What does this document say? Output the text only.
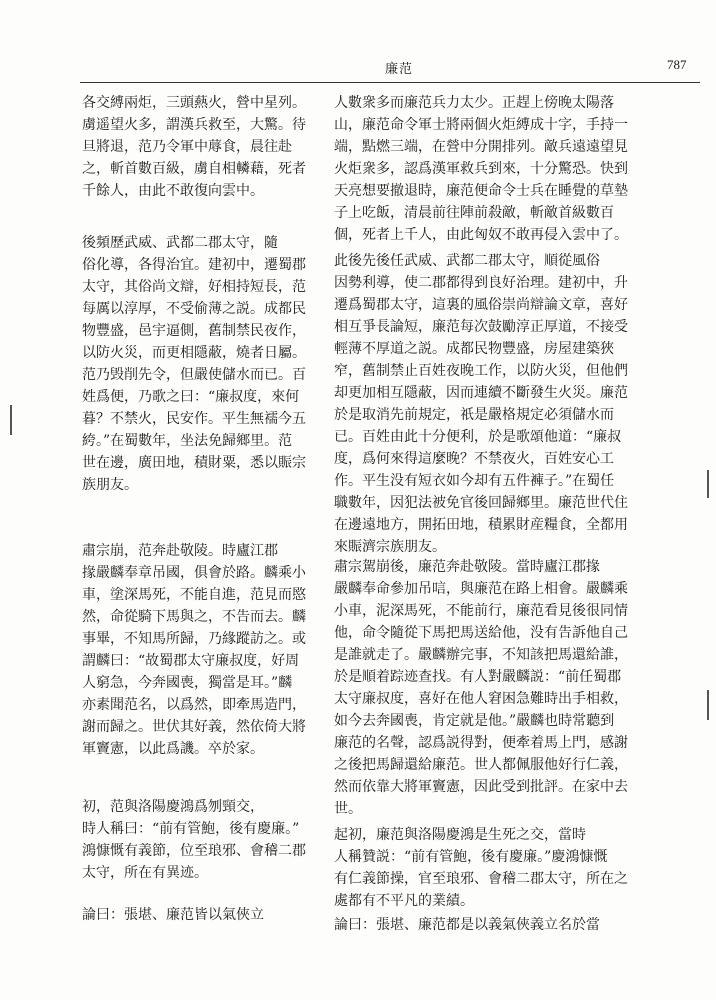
廉范	787
各交縛兩炬，三頭爇火，營中星列。
虜遥望火多，謂漢兵救至，大驚。待
旦將退，范乃令軍中蓐食，晨往赴
之，斬首數百級，虜自相轔藉，死者
千餘人，由此不敢復向雲中。
後頻歷武威、武都二郡太守，隨
俗化導，各得治宜。建初中，遷蜀郡
太守，其俗尚文辯，好相持短長，范
每厲以淳厚，不受偷薄之説。成都民
物豐盛，邑宇逼側，舊制禁民夜作，
以防火災，而更相隱蔽，燒者日屬。
范乃毁削先令，但嚴使儲水而已。百
姓爲便，乃歌之曰：“廉叔度，來何
暮？不禁火，民安作。平生無襦今五
絝。”在蜀數年，坐法免歸鄉里。范
世在邊，廣田地，積財粟，悉以賑宗
族朋友。
肅宗崩，范奔赴敬陵。時廬江郡
掾嚴麟奉章吊國，俱會於路。麟乘小
車，塗深馬死，不能自進，范見而愍
然，命從騎下馬與之，不告而去。麟
事畢，不知馬所歸，乃緣蹤訪之。或
謂麟曰：“故蜀郡太守廉叔度，好周
人窮急，今奔國喪，獨當是耳。”麟
亦素聞范名，以爲然，即牽馬造門，
謝而歸之。世伏其好義，然依倚大將
軍竇憲，以此爲譏。卒於家。
初，范與洛陽慶鴻爲刎頸交，
時人稱曰：“前有管鮑，後有慶廉。”
鴻慷慨有義節，位至琅邪、會稽二郡
太守，所在有異迹。
論曰：張堪、廉范皆以氣俠立
人數衆多而廉范兵力太少。正趕上傍晚太陽落
山，廉范命令軍士將兩個火炬縛成十字，手持一
端，點燃三端，在營中分開排列。敵兵遠遠望見
火炬衆多，認爲漢軍救兵到來，十分驚恐。快到
天亮想要撤退時，廉范便命令士兵在睡覺的草墊
子上吃飯，清晨前往陣前殺敵，斬敵首級數百
個，死者上千人，由此匈奴不敢再侵入雲中了。
此後先後任武威、武都二郡太守，順從風俗
因勢利導，使二郡都得到良好治理。建初中，升
遷爲蜀郡太守，這裏的風俗崇尚辯論文章，喜好
相互爭長論短，廉范每次鼓勵淳正厚道，不接受
輕薄不厚道之説。成都民物豐盛，房屋建築狹
窄，舊制禁止百姓夜晚工作，以防火災，但他們
却更加相互隱蔽，因而連續不斷發生火災。廉范
於是取消先前規定，祇是嚴格規定必須儲水而
已。百姓由此十分便利，於是歌頌他道：“廉叔
度，爲何來得這麼晚？不禁夜火，百姓安心工
作。平生没有短衣如今却有五件褲子。”在蜀任
職數年，因犯法被免官後回歸鄉里。廉范世代住
在邊遠地方，開拓田地，積累財産糧食，全都用
來賑濟宗族朋友。
肅宗駕崩後，廉范奔赴敬陵。當時廬江郡掾
嚴麟奉命參加吊唁，與廉范在路上相會。嚴麟乘
小車，泥深馬死，不能前行，廉范看見後很同情
他，命令隨從下馬把馬送給他，没有告訴他自己
是誰就走了。嚴麟辦完事，不知該把馬還給誰，
於是順着踪迹查找。有人對嚴麟説：“前任蜀郡
太守廉叔度，喜好在他人窘困急難時出手相救，
如今去奔國喪，肯定就是他。”嚴麟也時常聽到
廉范的名聲，認爲説得對，便牽着馬上門，感謝
之後把馬歸還給廉范。世人都佩服他好行仁義，
然而依靠大將軍竇憲，因此受到批評。在家中去
世。
起初，廉范與洛陽慶鴻是生死之交，當時
人稱贊説：“前有管鮑，後有慶廉。”慶鴻慷慨
有仁義節操，官至琅邪、會稽二郡太守，所在之
處都有不平凡的業績。
論曰：張堪、廉范都是以義氣俠義立名於當
